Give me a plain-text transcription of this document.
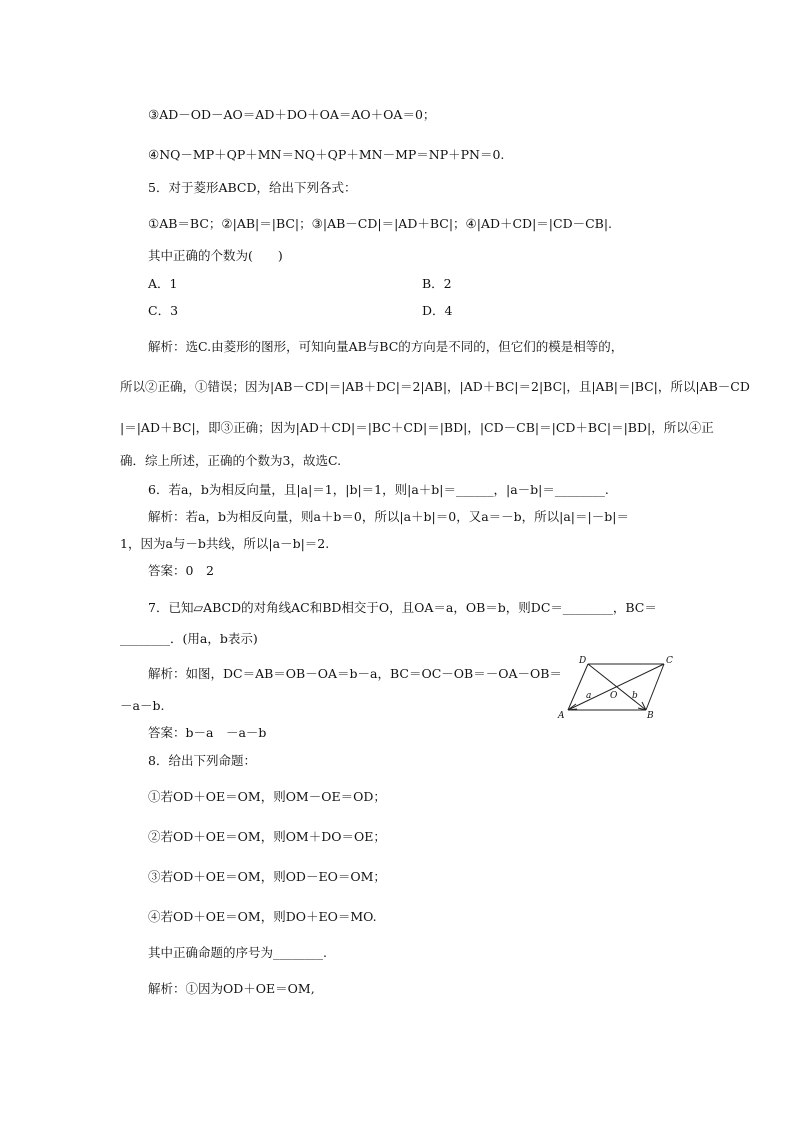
③AD－OD－AO＝AD＋DO＋OA＝AO＋OA＝0；
④NQ－MP＋QP＋MN＝NQ＋QP＋MN－MP＝NP＋PN＝0.
5．对于菱形ABCD，给出下列各式：
①AB＝BC；②|AB|＝|BC|；③|AB－CD|＝|AD＋BC|；④|AD＋CD|＝|CD－CB|.
其中正确的个数为(　　)
A．1	B．2
C．3	D．4
解析：选C.由菱形的图形，可知向量AB与BC的方向是不同的，但它们的模是相等的，
所以②正确，①错误；因为|AB－CD|＝|AB＋DC|＝2|AB|，|AD＋BC|＝2|BC|，且|AB|＝|BC|，所以|AB－CD
|＝|AD＋BC|，即③正确；因为|AD＋CD|＝|BC＋CD|＝|BD|，|CD－CB|＝|CD＋BC|＝|BD|，所以④正
确．综上所述，正确的个数为3，故选C.
6．若a，b为相反向量，且|a|＝1，|b|＝1，则|a＋b|＝______，|a－b|＝________.
解析：若a，b为相反向量，则a＋b＝0，所以|a＋b|＝0，又a＝－b，所以|a|＝|－b|＝
1，因为a与－b共线，所以|a－b|＝2.
答案：0　2
7．已知▱ABCD的对角线AC和BD相交于O，且OA＝a，OB＝b，则DC＝________，BC＝
________．(用a，b表示)
解析：如图，DC＝AB＝OB－OA＝b－a，BC＝OC－OB＝－OA－OB＝
－a－b.
答案：b－a　－a－b
8．给出下列命题：
①若OD＋OE＝OM，则OM－OE＝OD；
②若OD＋OE＝OM，则OM＋DO＝OE；
③若OD＋OE＝OM，则OD－EO＝OM；
④若OD＋OE＝OM，则DO＋EO＝MO.
其中正确命题的序号为________.
解析：①因为OD＋OE＝OM,
D	C
a O b
A	B
